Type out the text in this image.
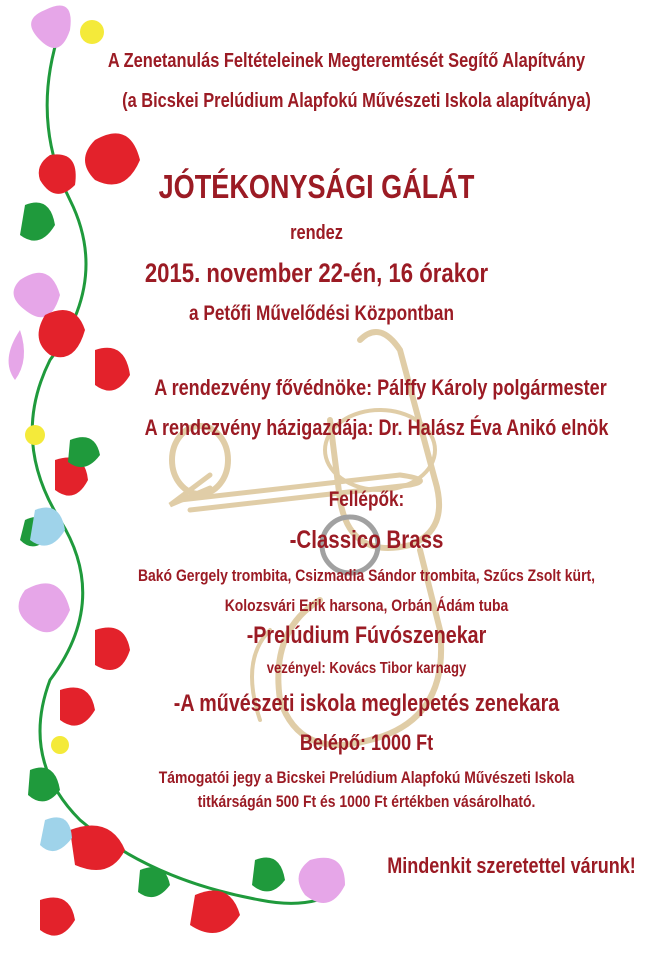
A Zenetanulás Feltételeinek Megteremtését Segítő Alapítvány
(a Bicskei Prelúdium Alapfokú Művészeti Iskola alapítványa)
JÓTÉKONYSÁGI GÁLÁT
rendez
2015. november 22-én, 16 órakor
a Petőfi Művelődési Központban
A rendezvény fővédnöke: Pálffy Károly polgármester
A rendezvény házigazdája: Dr. Halász Éva Anikó elnök
Fellépők:
-Classico Brass
Bakó Gergely trombita, Csizmadia Sándor trombita, Szűcs Zsolt kürt,
Kolozsvári Erik harsona, Orbán Ádám tuba
-Prelúdium Fúvószenekar
vezényel: Kovács Tibor karnagy
-A művészeti iskola meglepetés zenekara
Belépő: 1000 Ft
Támogatói jegy a Bicskei Prelúdium Alapfokú Művészeti Iskola
titkárságán 500 Ft és 1000 Ft értékben vásárolható.
Mindenkit szeretettel várunk!
